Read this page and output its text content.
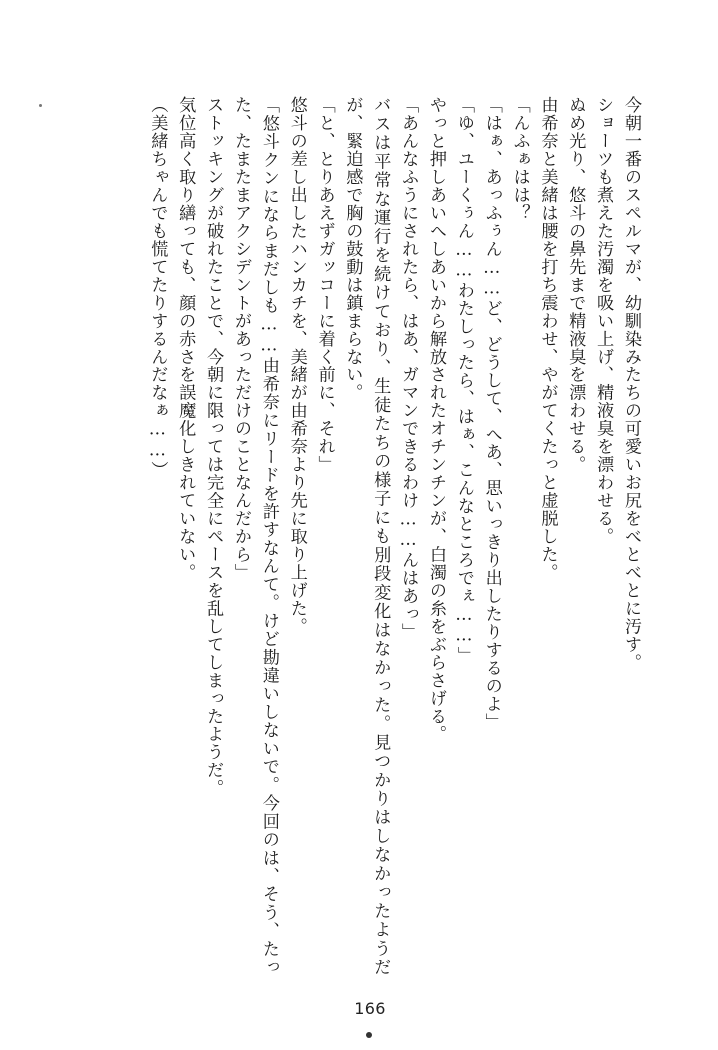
今朝一番のスペルマが、幼馴染みたちの可愛いお尻をべとべとに汚す。

ショーツも煮えた汚濁を吸い上げ、精液臭を漂わせる。

ぬめ光り、悠斗の鼻先まで精液臭を漂わせる。

由希奈と美緒は腰を打ち震わせ、やがてくたっと虚脱した。

「んふぁはは？

「はぁ、あっふぅん……ど、どうして、へあ、思いっきり出したりするのよ」

「ゆ、ユーくぅん……わたしったら、はぁ、こんなところでぇ……」

やっと押しあいへしあいから解放されたオチンチンが、白濁の糸をぶらさげる。

「あんなふうにされたら、はあ、ガマンできるわけ……んはあっ」

バスは平常な運行を続けており、生徒たちの様子にも別段変化はなかった。見つかりはしなかったようだが、緊迫感で胸の鼓動は鎮まらない。

「と、とりあえずガッコーに着く前に、それ」

悠斗の差し出したハンカチを、美緒が由希奈より先に取り上げた。

「悠斗クンにならまだしも……由希奈にリードを許すなんて。けど勘違いしないで。今回のは、そう、たった、たまたまアクシデントがあっただけのことなんだから」

ストッキングが破れたことで、今朝に限っては完全にペースを乱してしまったようだ。

気位高く取り繕っても、顔の赤さを誤魔化しきれていない。

（美緒ちゃんでも慌てたりするんだなぁ……）

166
